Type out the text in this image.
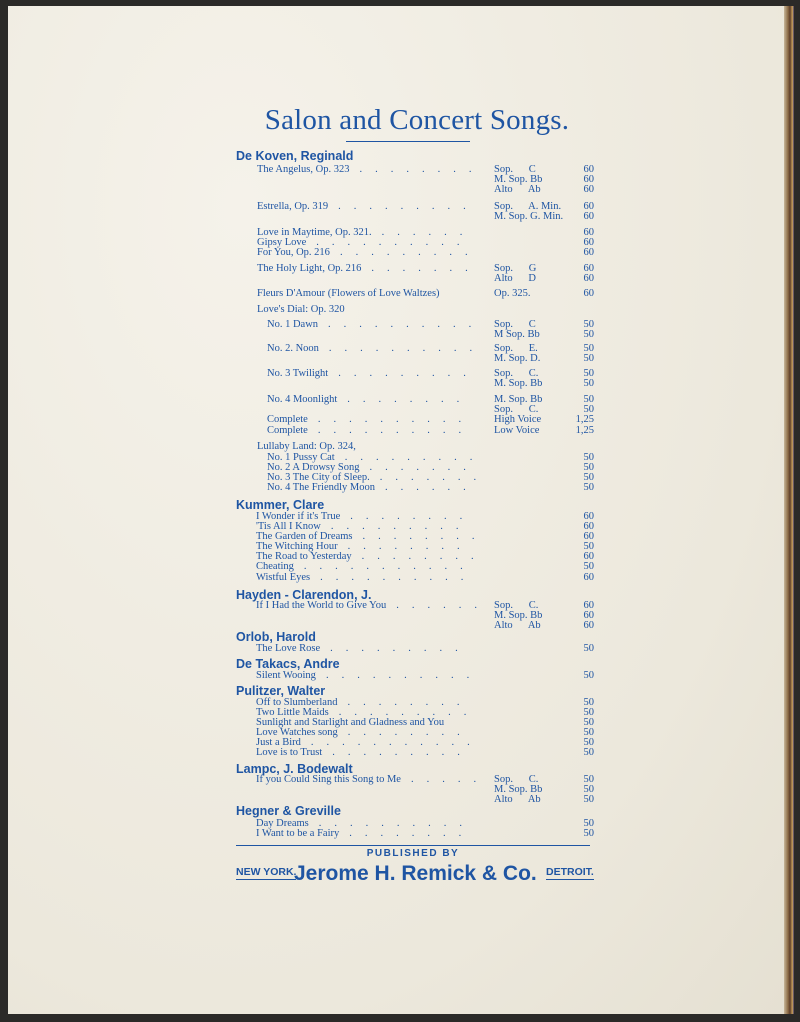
Salon and Concert Songs.
De Koven, Reginald
The Angelus, Op. 323 ........ Sop.      C	60
M. Sop. Bb	60
Alto      Ab	60
Estrella, Op. 319 ......... Sop.      A. Min.	60
M. Sop. G. Min.	60
Love in Maytime, Op. 321. ......	60
Gipsy Love ..........	60
For You, Op. 216 .........	60
The Holy Light, Op. 216 ....... Sop.      G	60
Alto      D	60
Fleurs D'Amour (Flowers of Love Waltzes)	Op. 325.	60
Love's Dial: Op. 320
No. 1 Dawn .......... Sop.      C	50
M Sop. Bb	50
No. 2. Noon .......... Sop.      E.	50
M. Sop. D.	50
No. 3 Twilight ......... Sop.      C.	50
M. Sop. Bb	50
No. 4 Moonlight ........ M. Sop. Bb	50
Sop.      C.	50
Complete .......... High Voice	1,25
Complete .......... Low Voice	1,25
Lullaby Land: Op. 324,
No. 1 Pussy Cat .........	50
No. 2 A Drowsy Song .......	50
No. 3 The City of Sleep. .......	50
No. 4 The Friendly Moon ......	50
Kummer, Clare
I Wonder if it's True ........	60
'Tis All I Know .........	60
The Garden of Dreams ........	60
The Witching Hour ........	50
The Road to Yesterday ........	60
Cheating ...........	50
Wistful Eyes ..........	60
Hayden - Clarendon, J.
If I Had the World to Give You ...... Sop.      C.	60
M. Sop. Bb	60
Alto      Ab	60
Orlob, Harold
The Love Rose .........	50
De Takacs, Andre
Silent Wooing ..........	50
Pulitzer, Walter
Off to Slumberland ........	50
Two Little Maids .........	50
Sunlight and Starlight and Gladness and You	50
Love Watches song ........	50
Just a Bird ...........	50
Love is to Trust .........	50
Lampc, J. Bodewalt
If you Could Sing this Song to Me ..... Sop.      C.	50
M. Sop. Bb	50
Alto      Ab	50
Hegner & Greville
Day Dreams ..........	50
I Want to be a Fairy ........	50
PUBLISHED BY
NEW YORK.
Jerome H. Remick & Co. DETROIT.
